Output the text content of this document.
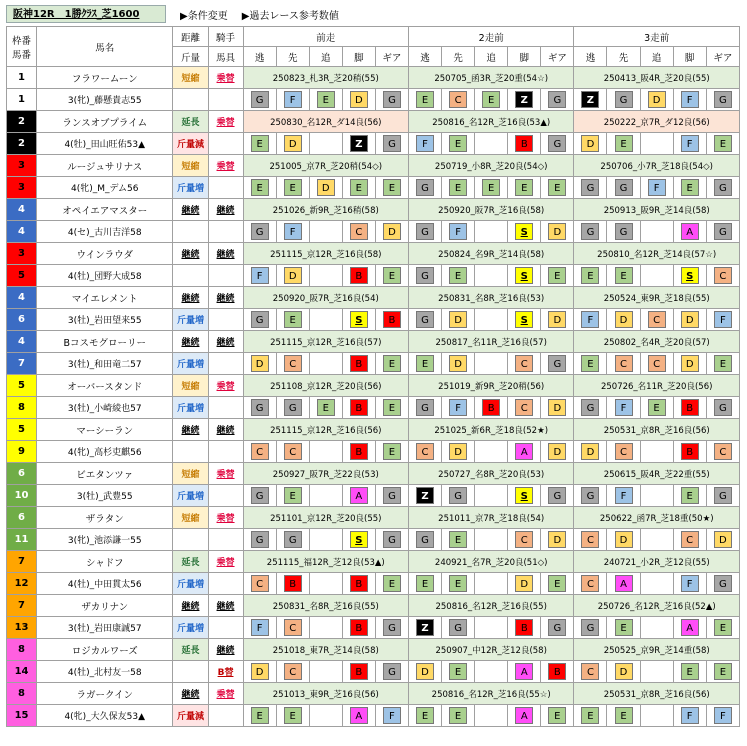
阪神12R　1勝ｸﾗｽ_芝1600	▶条件変更 ▶過去レース参考数値
枠番
馬番	馬名	距離	騎手	前走					2走前					3走前				
		斤量	馬具	逃	先	追	脚	ギア	逃	先	追	脚	ギア	逃	先	追	脚	ギア
1	フラワームーン	短縮	乗替	250823_札3R_芝20稍(55)					250705_函3R_芝20重(54☆)					250413_阪4R_芝20良(55)				
1	3(牝)_藤懸貴志55			G	F	E	D	G	E	C	E	Z	G	Z	G	D	F	G
2	ランスオブプライム	延長	乗替	250830_名12R_ダ14良(56)					250816_名12R_芝16良(53▲)					250222_京7R_ダ12良(56)				
2	4(牡)_田山旺佑53▲	斤量減		E	D		Z	G	F	E		B	G	D	E		F	E
3	ルージュサリナス	短縮	乗替	251005_京7R_芝20稍(54◇)					250719_小8R_芝20良(54◇)					250706_小7R_芝18良(54◇)				
3	4(牝)_M_デム56	斤量増		E	E	D	E	E	G	E	E	E	E	G	G	F	E	G
4	オペイエアマスター	継続	継続	251026_新9R_芝16稍(58)					250920_阪7R_芝16良(58)					250913_阪9R_芝14良(58)				
4	4(セ)_古川吉洋58			G	F		C	D	G	F		S	D	G	G		A	G
3	ウインラウダ	継続	継続	251115_京12R_芝16良(58)					250824_名9R_芝14良(58)					250810_名12R_芝14良(57☆)				
5	4(牡)_団野大成58			F	D		B	E	G	E		S	E	E	E		S	C
4	マイエレメント	継続	継続	250920_阪7R_芝16良(54)					250831_名8R_芝16良(53)					250524_東9R_芝18良(55)				
6	3(牡)_岩田望来55	斤量増		G	E		S	B	G	D		S	D	F	D	C	D	F
4	Bコスモグローリー	継続	継続	251115_京12R_芝16良(57)					250817_名11R_芝16良(57)					250802_名4R_芝20良(57)				
7	3(牡)_和田竜二57	斤量増		D	C		B	E	E	D		C	G	E	C	C	D	E
5	オーバースタンド	短縮	乗替	251108_京12R_芝20良(56)					251019_新9R_芝20稍(56)					250726_名11R_芝20良(56)				
8	3(牡)_小崎綾也57	斤量増		G	G	E	B	E	G	F	B	C	D	G	F	E	B	G
5	マーシーラン	継続	継続	251115_京12R_芝16良(56)					251025_新6R_芝18良(52★)					250531_京8R_芝16良(56)				
9	4(牝)_高杉吏麒56			C	C		B	E	C	D		A	D	D	C		B	C
6	ビエタンツァ	短縮	乗替	250927_阪7R_芝22良(53)					250727_名8R_芝20良(53)					250615_阪4R_芝22重(55)				
10	3(牡)_武豊55	斤量増		G	E		A	G	Z	G		S	G	G	F		E	G
6	ザラタン	短縮	乗替	251101_京12R_芝20良(55)					251011_京7R_芝18良(54)					250622_函7R_芝18重(50★)				
11	3(牝)_池添謙一55			G	G		S	G	G	E		C	D	C	D		C	D
7	シャドフ	延長	乗替	251115_福12R_芝12良(53▲)					240921_名7R_芝20良(51◇)					240721_小2R_芝12良(55)				
12	4(牡)_中田貫太56	斤量増		C	B		B	E	E	E		D	E	C	A		F	G
7	ザカリナン	継続	継続	250831_名8R_芝16良(55)					250816_名12R_芝16良(55)					250726_名12R_芝16良(52▲)				
13	3(牡)_岩田康誠57	斤量増		F	C		B	G	Z	G		B	G	G	E		A	E
8	ロジカルワーズ	延長	継続	251018_東7R_芝14良(58)					250907_中12R_芝12良(58)					250525_京9R_芝14重(58)				
14	4(牡)_北村友一58		B替	D	C		B	G	D	E		A	B	C	D		E	E
8	ラガークイン	継続	乗替	251013_東9R_芝16良(56)					250816_名12R_芝16良(55☆)					250531_京8R_芝16良(56)				
15	4(牝)_大久保友53▲	斤量減		E	E		A	F	E	E		A	E	E	E		F	F
